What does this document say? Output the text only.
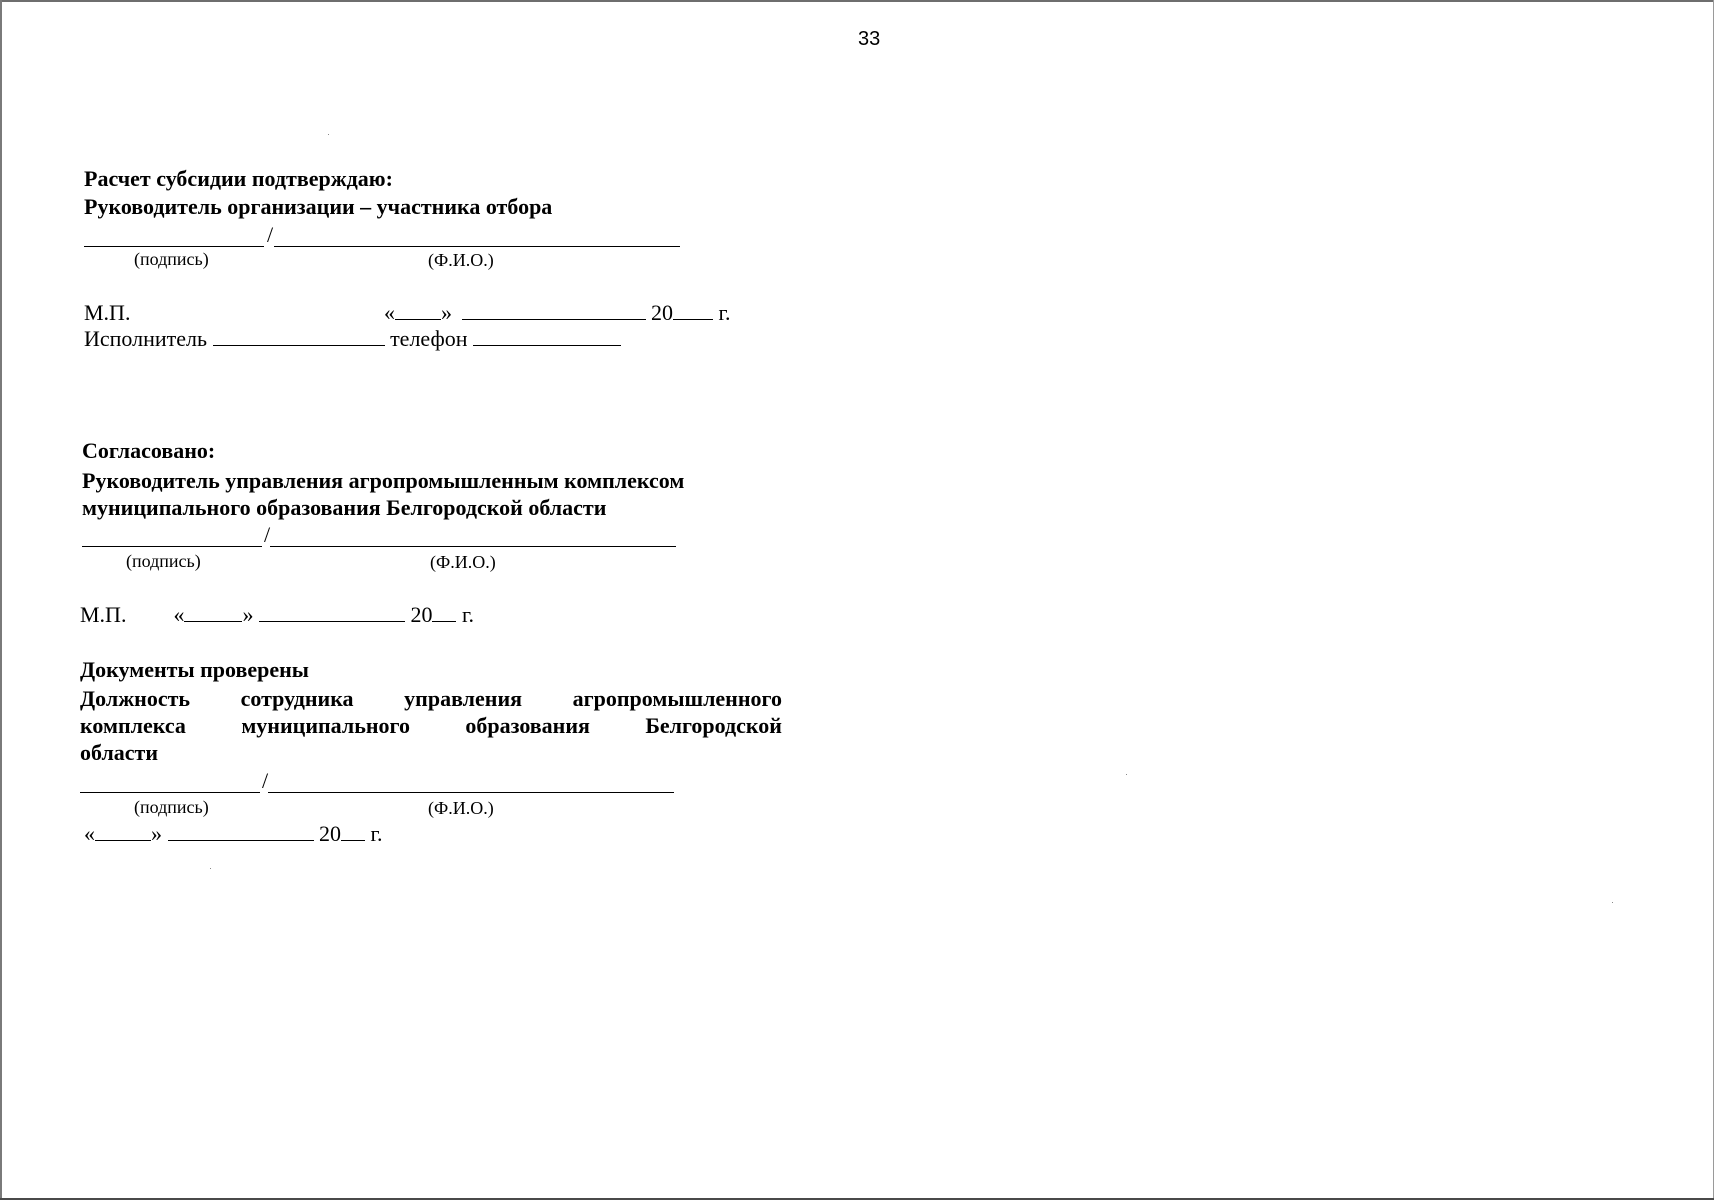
33
Расчет субсидии подтверждаю:
Руководитель организации – участника отбора
/
(подпись)	(Ф.И.О.)
М.П.	« »	20 г.
Исполнитель	телефон
Согласовано:
Руководитель управления агропромышленным комплексом
муниципального образования Белгородской области
/
(подпись)	(Ф.И.О.)
М.П. «	»	20 г.
Документы проверены
Должность сотрудника управления агропромышленного
комплекса	муниципального	образования	Белгородской
области
/
(подпись)	(Ф.И.О.)
«	»	20 г.
